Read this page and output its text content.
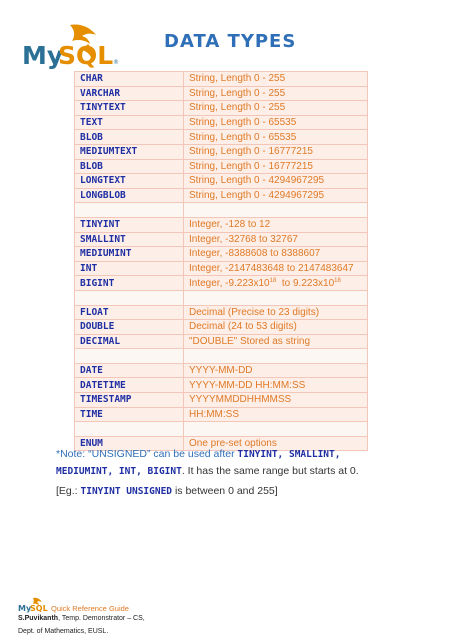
My
SQL ®
DATA TYPES
CHAR	String, Length 0 - 255
VARCHAR	String, Length 0 - 255
TINYTEXT	String, Length 0 - 255
TEXT	String, Length 0 - 65535
BLOB	String, Length 0 - 65535
MEDIUMTEXT	String, Length 0 - 16777215
BLOB	String, Length 0 - 16777215
LONGTEXT	String, Length 0 - 4294967295
LONGBLOB	String, Length 0 - 4294967295

TINYINT	Integer, -128 to 12
SMALLINT	Integer, -32768 to 32767
MEDIUMINT	Integer, -8388608 to 8388607
INT	Integer, -2147483648 to 2147483647
BIGINT	Integer, $-9.223x10^{18}$  to $9.223x10^{18}$

FLOAT	Decimal (Precise to 23 digits)
DOUBLE	Decimal (24 to 53 digits)
DECIMAL	"DOUBLE" Stored as string

DATE	YYYY-MM-DD
DATETIME	YYYY-MM-DD HH:MM:SS
TIMESTAMP	YYYYMMDDHHMMSS
TIME	HH:MM:SS

ENUM	One pre-set options
*Note: “UNSIGNED” can be used after TINYINT, SMALLINT, MEDIUMINT, INT, BIGINT. It has the same range but starts at 0.
[Eg.: TINYINT UNSIGNED is between 0 and 255]
My
SQL Quick Reference Guide
S.Puvikanth, Temp. Demonstrator – CS,
Dept. of Mathematics, EUSL.
